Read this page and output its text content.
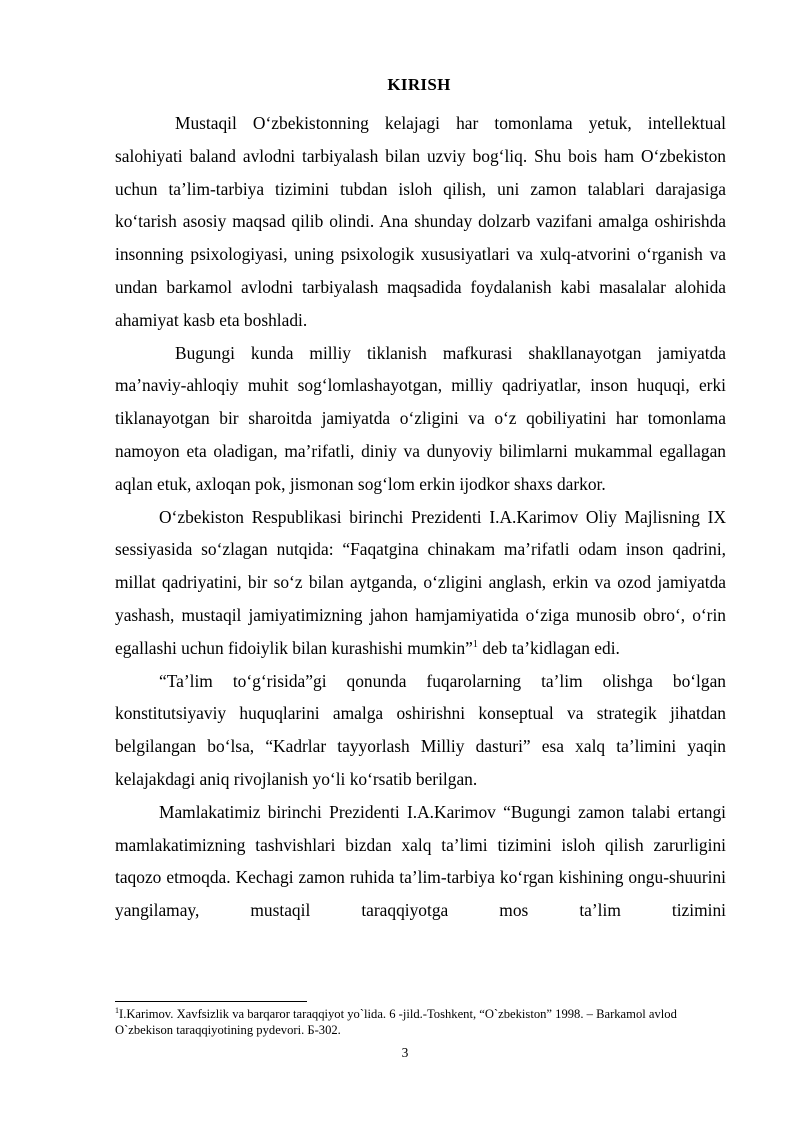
KIRISH

Mustaqil O‘zbekistonning kelajagi har tomonlama yetuk, intellektual salohiyati baland avlodni tarbiyalash bilan uzviy bog‘liq. Shu bois ham O‘zbekiston uchun ta’lim-tarbiya tizimini tubdan isloh qilish, uni zamon talablari darajasiga ko‘tarish asosiy maqsad qilib olindi. Ana shunday dolzarb vazifani amalga oshirishda insonning psixologiyasi, uning psixologik xususiyatlari va xulq-atvorini o‘rganish va undan barkamol avlodni tarbiyalash maqsadida foydalanish kabi masalalar alohida ahamiyat kasb eta boshladi.

Bugungi kunda milliy tiklanish mafkurasi shakllanayotgan jamiyatda ma’naviy-ahloqiy muhit sog‘lomlashayotgan, milliy qadriyatlar, inson huquqi, erki tiklanayotgan bir sharoitda jamiyatda o‘zligini va o‘z qobiliyatini har tomonlama namoyon eta oladigan, ma’rifatli, diniy va dunyoviy bilimlarni mukammal egallagan aqlan etuk, axloqan pok, jismonan sog‘lom erkin ijodkor shaxs darkor.

O‘zbekiston Respublikasi birinchi Prezidenti I.A.Karimov Oliy Majlisning IX sessiyasida so‘zlagan nutqida: “Faqatgina chinakam ma’rifatli odam inson qadrini, millat qadriyatini, bir so‘z bilan aytganda, o‘zligini anglash, erkin va ozod jamiyatda yashash, mustaqil jamiyatimizning jahon hamjamiyatida o‘ziga munosib obro‘, o‘rin egallashi uchun fidoiylik bilan kurashishi mumkin”$^1$ deb ta’kidlagan edi.

“Ta’lim to‘g‘risida”gi qonunda fuqarolarning ta’lim olishga bo‘lgan konstitutsiyaviy huquqlarini amalga oshirishni konseptual va strategik jihatdan belgilangan bo‘lsa, “Kadrlar tayyorlash Milliy dasturi” esa xalq ta’limini yaqin kelajakdagi aniq rivojlanish yo‘li ko‘rsatib berilgan.

Mamlakatimiz birinchi Prezidenti I.A.Karimov “Bugungi zamon talabi ertangi mamlakatimizning tashvishlari bizdan xalq ta’limi tizimini isloh qilish zarurligini taqozo etmoqda. Kechagi zamon ruhida ta’lim-tarbiya ko‘rgan kishining ongu-shuurini yangilamay, mustaqil taraqqiyotga mos ta’lim tizimini

$^1$I.Karimov. Xavfsizlik va barqaror taraqqiyot yo`lida. 6 -jild.-Toshkent, “O`zbekiston” 1998. – Barkamol avlod O`zbekison taraqqiyotining pydevori. Б-302.
3
